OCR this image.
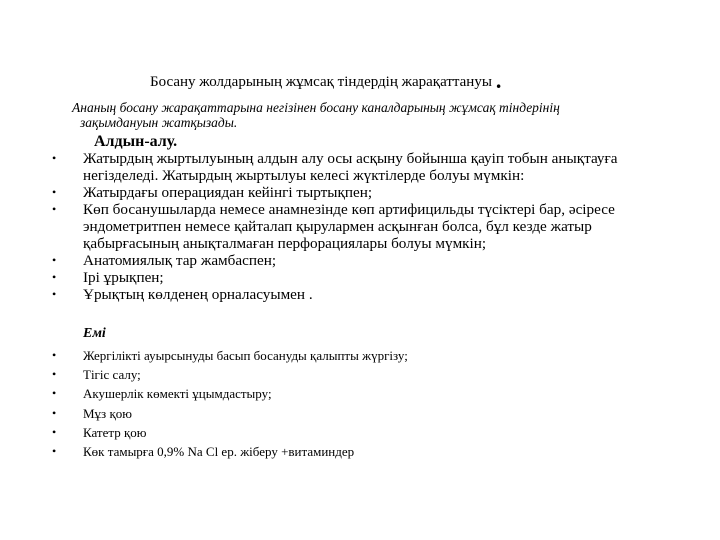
Босану жолдарының жұмсақ тіндердің жарақаттануы .
Ананың босану жарақаттарына негізінен босану каналдарының жұмсақ тіндерінің
зақымдануын жатқызады.
Алдын-алу.
• Жатырдың жыртылуының алдын алу осы асқыну бойынша қауіп тобын анықтауға
негізделеді. Жатырдың жыртылуы келесі жүктілерде болуы мүмкін:
• Жатырдағы операциядан кейінгі тыртықпен;
• Көп босанушыларда немесе анамнезінде көп артифицильды түсіктері бар, әсіресе
эндометритпен немесе қайталап қырулармен асқынған болса, бұл кезде жатыр
қабырғасының анықталмаған перфорациялары болуы мүмкін;
• Анатомиялық тар жамбаспен;
• Ірі ұрықпен;
• Ұрықтың көлденең орналасуымен .
Емі
• Жергілікті ауырсынуды басып босануды қалыпты жүргізу;
• Тігіс салу;
• Акушерлік көмекті ұцымдастыру;
• Мұз қою
• Катетр қою
• Көк тамырға 0,9% Na Cl ер. жіберу +витаминдер
